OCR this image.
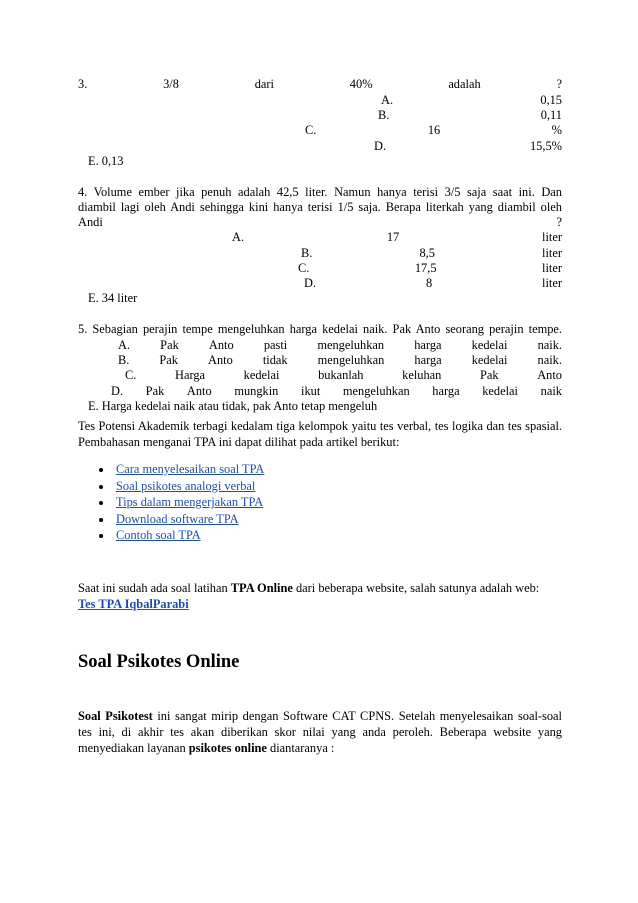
3.	3/8	dari	40%	adalah	?
A.	0,15
B.	0,11
C.	16	%
D.	15,5%
E. 0,13
4. Volume ember jika penuh adalah 42,5 liter. Namun hanya terisi 3/5 saja saat ini. Dan
diambil lagi oleh Andi sehingga kini hanya terisi 1/5 saja. Berapa literkah yang diambil oleh
Andi	?
A.	17	liter
B.	8,5	liter
C.	17,5	liter
D.	8	liter
E. 34 liter
5. Sebagian perajin tempe mengeluhkan harga kedelai naik. Pak Anto seorang perajin tempe.
A. Pak Anto pasti mengeluhkan harga kedelai naik.
B. Pak Anto tidak mengeluhkan harga kedelai naik.
C.	Harga	kedelai	bukanlah	keluhan	Pak	Anto
D. Pak Anto mungkin ikut mengeluhkan harga kedelai naik
E. Harga kedelai naik atau tidak, pak Anto tetap mengeluh
Tes Potensi Akademik terbagi kedalam tiga kelompok yaitu tes verbal, tes logika dan tes spasial. Pembahasan menganai TPA ini dapat dilihat pada artikel berikut:
Cara menyelesaikan soal TPA
Soal psikotes analogi verbal
Tips dalam mengerjakan TPA
Download software TPA
Contoh soal TPA
Saat ini sudah ada soal latihan TPA Online dari beberapa website, salah satunya adalah web:
Tes TPA IqbalParabi
Soal Psikotes Online
Soal Psikotest ini sangat mirip dengan Software CAT CPNS. Setelah menyelesaikan soal-soal tes ini, di akhir tes akan diberikan skor nilai yang anda peroleh. Beberapa website yang menyediakan layanan psikotes online diantaranya :
